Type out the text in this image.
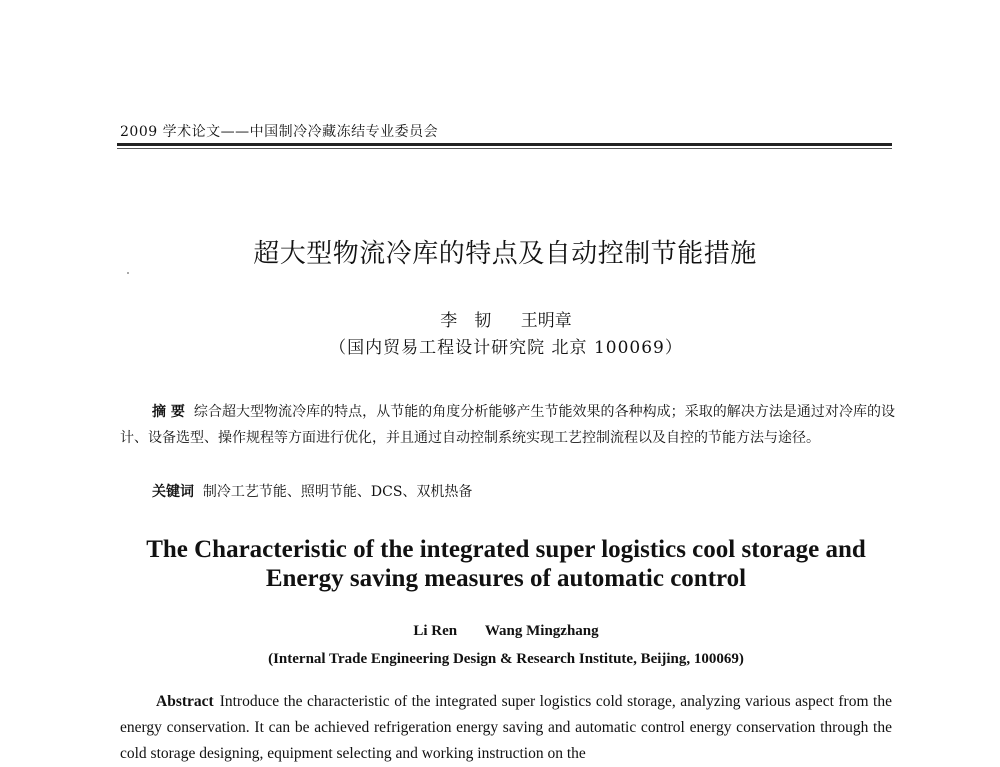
2009 学术论文——中国制冷冷藏冻结专业委员会
超大型物流冷库的特点及自动控制节能措施
李　韧 王明章
（国内贸易工程设计研究院 北京 100069）

摘 要 综合超大型物流冷库的特点，从节能的角度分析能够产生节能效果的各种构成；采取的解决方法是通过对冷库的设计、设备选型、操作规程等方面进行优化，并且通过自动控制系统实现工艺控制流程以及自控的节能方法与途径。

关键词 制冷工艺节能、照明节能、DCS、双机热备
The Characteristic of the integrated super logistics cool storage and
Energy saving measures of automatic control
Li Ren Wang Mingzhang
(Internal Trade Engineering Design & Research Institute, Beijing, 100069)

Abstract Introduce the characteristic of the integrated super logistics cold storage, analyzing various aspect from the energy conservation. It can be achieved refrigeration energy saving and automatic control energy conservation through the cold storage designing, equipment selecting and working instruction on the
